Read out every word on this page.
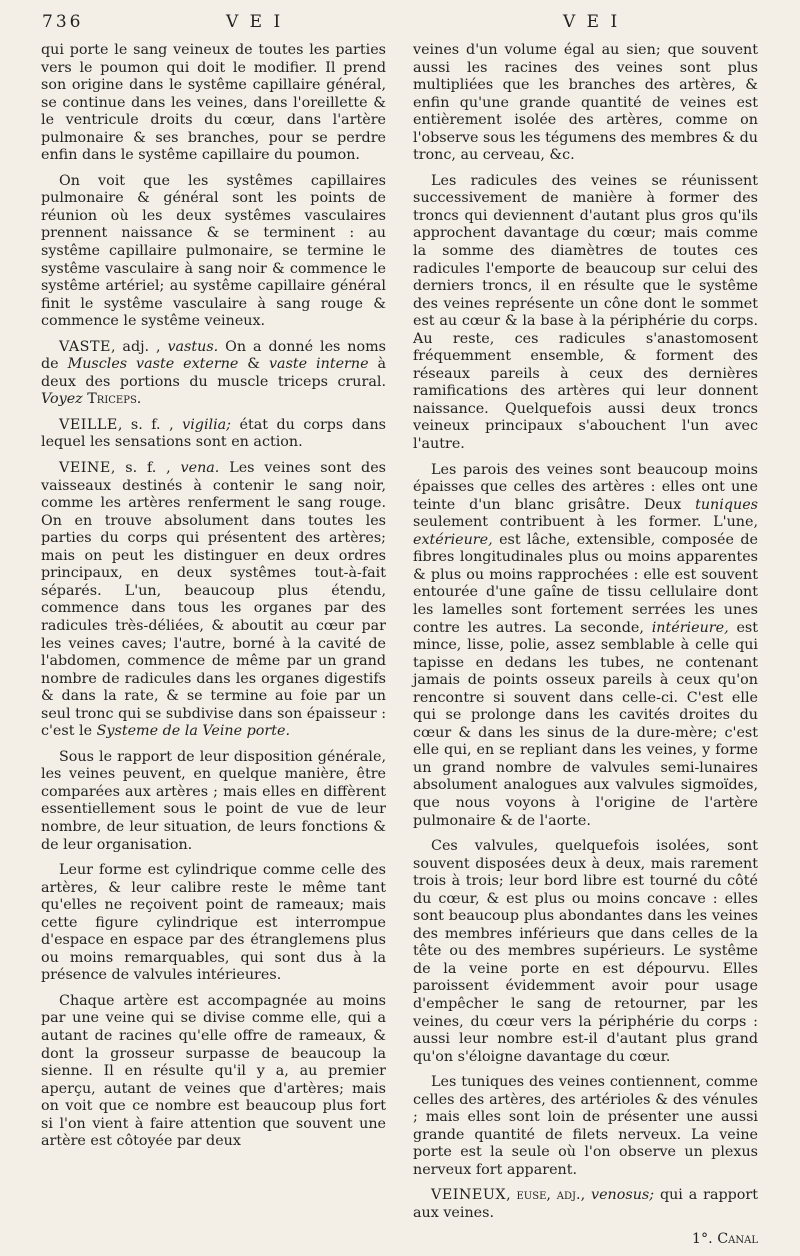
736	V E I	V E I

qui porte le sang veineux de toutes les parties vers le poumon qui doit le modifier. Il prend son origine dans le systême capillaire général, se continue dans les veines, dans l'oreillette & le ventricule droits du cœur, dans l'artère pulmonaire & ses branches, pour se perdre enfin dans le systême capillaire du poumon.

On voit que les systêmes capillaires pulmonaire & général sont les points de réunion où les deux systêmes vasculaires prennent naissance & se terminent : au systême capillaire pulmonaire, se termine le systême vasculaire à sang noir & commence le systême artériel; au systême capillaire général finit le systême vasculaire à sang rouge & commence le systême veineux.

VASTE, adj. , vastus. On a donné les noms de Muscles vaste externe & vaste interne à deux des portions du muscle triceps crural. Voyez Triceps.

VEILLE, s. f. , vigilia; état du corps dans lequel les sensations sont en action.

VEINE, s. f. , vena. Les veines sont des vaisseaux destinés à contenir le sang noir, comme les artères renferment le sang rouge. On en trouve absolument dans toutes les parties du corps qui présentent des artères; mais on peut les distinguer en deux ordres principaux, en deux systêmes tout-à-fait séparés. L'un, beaucoup plus étendu, commence dans tous les organes par des radicules très-déliées, & aboutit au cœur par les veines caves; l'autre, borné à la cavité de l'abdomen, commence de même par un grand nombre de radicules dans les organes digestifs & dans la rate, & se termine au foie par un seul tronc qui se subdivise dans son épaisseur : c'est le Systeme de la Veine porte.

Sous le rapport de leur disposition générale, les veines peuvent, en quelque manière, être comparées aux artères ; mais elles en diffèrent essentiellement sous le point de vue de leur nombre, de leur situation, de leurs fonctions & de leur organisation.

Leur forme est cylindrique comme celle des artères, & leur calibre reste le même tant qu'elles ne reçoivent point de rameaux; mais cette figure cylindrique est interrompue d'espace en espace par des étranglemens plus ou moins remarquables, qui sont dus à la présence de valvules intérieures.

Chaque artère est accompagnée au moins par une veine qui se divise comme elle, qui a autant de racines qu'elle offre de rameaux, & dont la grosseur surpasse de beaucoup la sienne. Il en résulte qu'il y a, au premier aperçu, autant de veines que d'artères; mais on voit que ce nombre est beaucoup plus fort si l'on vient à faire attention que souvent une artère est côtoyée par deux

veines d'un volume égal au sien; que souvent aussi les racines des veines sont plus multipliées que les branches des artères, & enfin qu'une grande quantité de veines est entièrement isolée des artères, comme on l'observe sous les tégumens des membres & du tronc, au cerveau, &c.

Les radicules des veines se réunissent successivement de manière à former des troncs qui deviennent d'autant plus gros qu'ils approchent davantage du cœur; mais comme la somme des diamètres de toutes ces radicules l'emporte de beaucoup sur celui des derniers troncs, il en résulte que le systême des veines représente un cône dont le sommet est au cœur & la base à la périphérie du corps. Au reste, ces radicules s'anastomosent fréquemment ensemble, & forment des réseaux pareils à ceux des dernières ramifications des artères qui leur donnent naissance. Quelquefois aussi deux troncs veineux principaux s'abouchent l'un avec l'autre.

Les parois des veines sont beaucoup moins épaisses que celles des artères : elles ont une teinte d'un blanc grisâtre. Deux tuniques seulement contribuent à les former. L'une, extérieure, est lâche, extensible, composée de fibres longitudinales plus ou moins apparentes & plus ou moins rapprochées : elle est souvent entourée d'une gaîne de tissu cellulaire dont les lamelles sont fortement serrées les unes contre les autres. La seconde, intérieure, est mince, lisse, polie, assez semblable à celle qui tapisse en dedans les tubes, ne contenant jamais de points osseux pareils à ceux qu'on rencontre si souvent dans celle-ci. C'est elle qui se prolonge dans les cavités droites du cœur & dans les sinus de la dure-mère; c'est elle qui, en se repliant dans les veines, y forme un grand nombre de valvules semi-lunaires absolument analogues aux valvules sigmoïdes, que nous voyons à l'origine de l'artère pulmonaire & de l'aorte.

Ces valvules, quelquefois isolées, sont souvent disposées deux à deux, mais rarement trois à trois; leur bord libre est tourné du côté du cœur, & est plus ou moins concave : elles sont beaucoup plus abondantes dans les veines des membres inférieurs que dans celles de la tête ou des membres supérieurs. Le systême de la veine porte en est dépourvu. Elles paroissent évidemment avoir pour usage d'empêcher le sang de retourner, par les veines, du cœur vers la périphérie du corps : aussi leur nombre est-il d'autant plus grand qu'on s'éloigne davantage du cœur.

Les tuniques des veines contiennent, comme celles des artères, des artérioles & des vénules ; mais elles sont loin de présenter une aussi grande quantité de filets nerveux. La veine porte est la seule où l'on observe un plexus nerveux fort apparent.

VEINEUX, euse, adj., venosus; qui a rapport aux veines.

1°. Canal
